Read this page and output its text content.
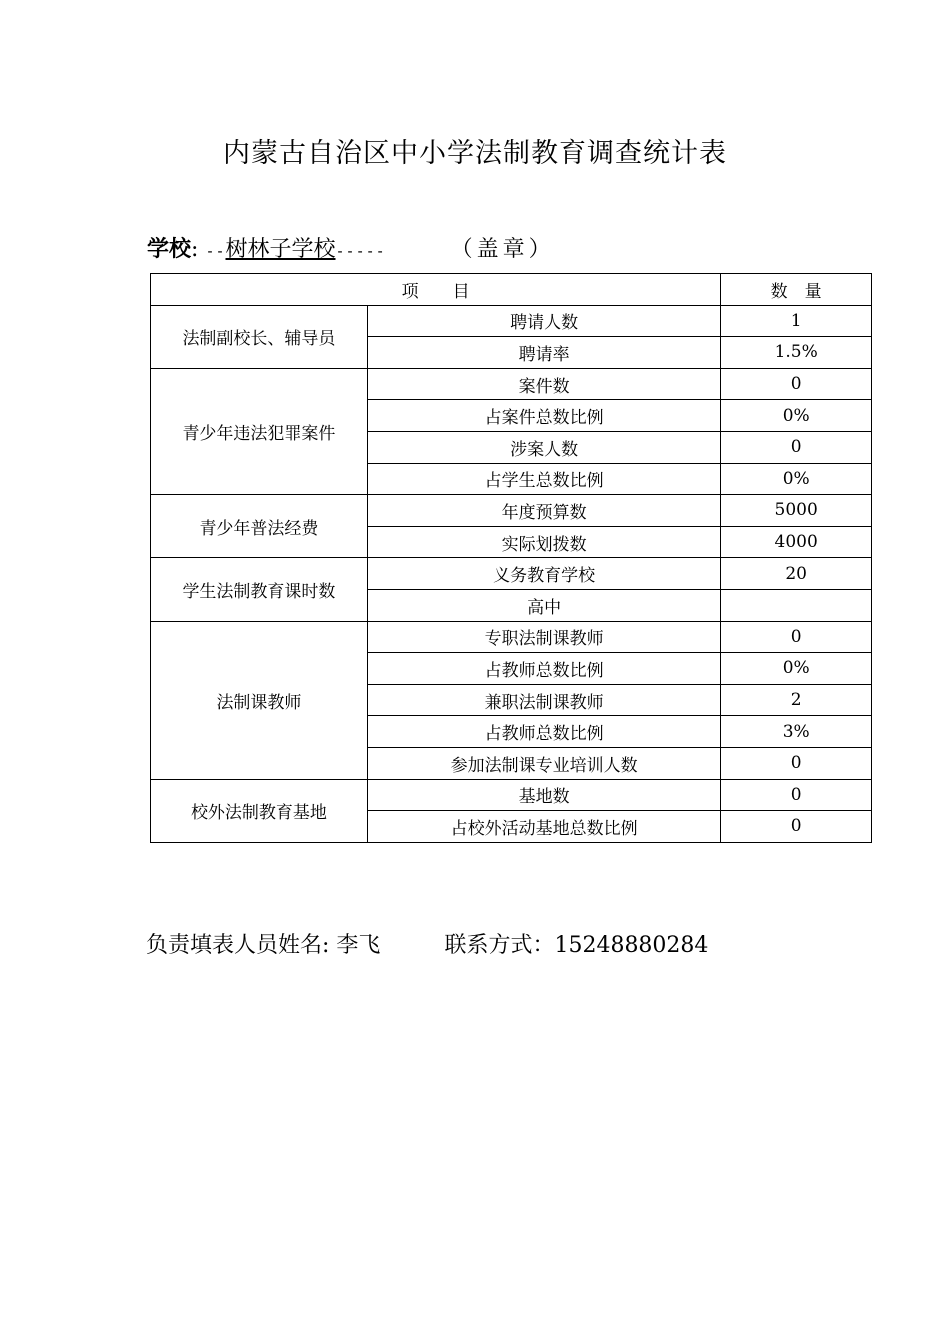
内蒙古自治区中小学法制教育调查统计表
学校: --树林子学校-----	（盖章）
项　　目		数　量
法制副校长、辅导员	聘请人数	1
	聘请率	1.5%
青少年违法犯罪案件	案件数	0
	占案件总数比例	0%
	涉案人数	0
	占学生总数比例	0%
青少年普法经费	年度预算数	5000
	实际划拨数	4000
学生法制教育课时数	义务教育学校	20
	高中	
法制课教师	专职法制课教师	0
	占教师总数比例	0%
	兼职法制课教师	2
	占教师总数比例	3%
	参加法制课专业培训人数	0
校外法制教育基地	基地数	0
	占校外活动基地总数比例	0
负责填表人员姓名: 李飞	联系方式：15248880284
